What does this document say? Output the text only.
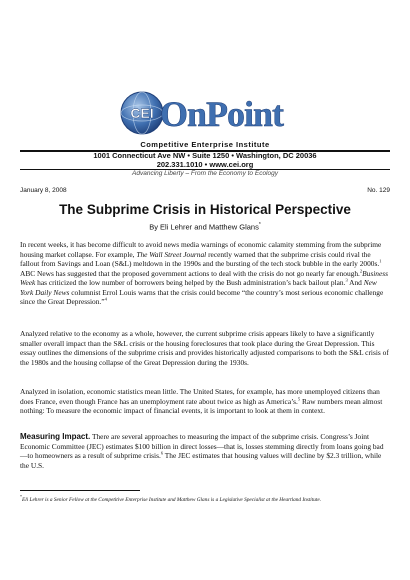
CEI OnPoint
Competitive Enterprise Institute
1001 Connecticut Ave NW • Suite 1250 • Washington, DC 20036
202.331.1010 • www.cei.org
Advancing Liberty – From the Economy to Ecology
January 8, 2008	No. 129
The Subprime Crisis in Historical Perspective
By Eli Lehrer and Matthew Glans*
In recent weeks, it has become difficult to avoid news media warnings of economic calamity stemming from the subprime housing market collapse. For example, The Wall Street Journal recently warned that the subprime crisis could rival the fallout from Savings and Loan (S&L) meltdown in the 1990s and the bursting of the tech stock bubble in the early 2000s.$^1$ ABC News has suggested that the proposed government actions to deal with the crisis do not go nearly far enough.$^2$Business Week has criticized the low number of borrowers being helped by the Bush administration’s back bailout plan.$^3$ And New York Daily News columnist Errol Louis warns that the crisis could become “the country’s most serious economic challenge since the Great Depression.”$^4$
Analyzed relative to the economy as a whole, however, the current subprime crisis appears likely to have a significantly smaller overall impact than the S&L crisis or the housing foreclosures that took place during the Great Depression. This essay outlines the dimensions of the subprime crisis and provides historically adjusted comparisons to both the S&L crisis of the 1980s and the housing collapse of the Great Depression during the 1930s.
Analyzed in isolation, economic statistics mean little. The United States, for example, has more unemployed citizens than does France, even though France has an unemployment rate about twice as high as America’s.$^5$ Raw numbers mean almost nothing: To measure the economic impact of financial events, it is important to look at them in context.
Measuring Impact. There are several approaches to measuring the impact of the subprime crisis. Congress’s Joint Economic Committee (JEC) estimates $100 billion in direct losses—that is, losses stemming directly from loans going bad—to homeowners as a result of subprime crisis.$^6$ The JEC estimates that housing values will decline by $2.3 trillion, while the U.S.
*Eli Lehrer is a Senior Fellow at the Competitive Enterprise Institute and Matthew Glans is a Legislative Specialist at the Heartland Institute.
